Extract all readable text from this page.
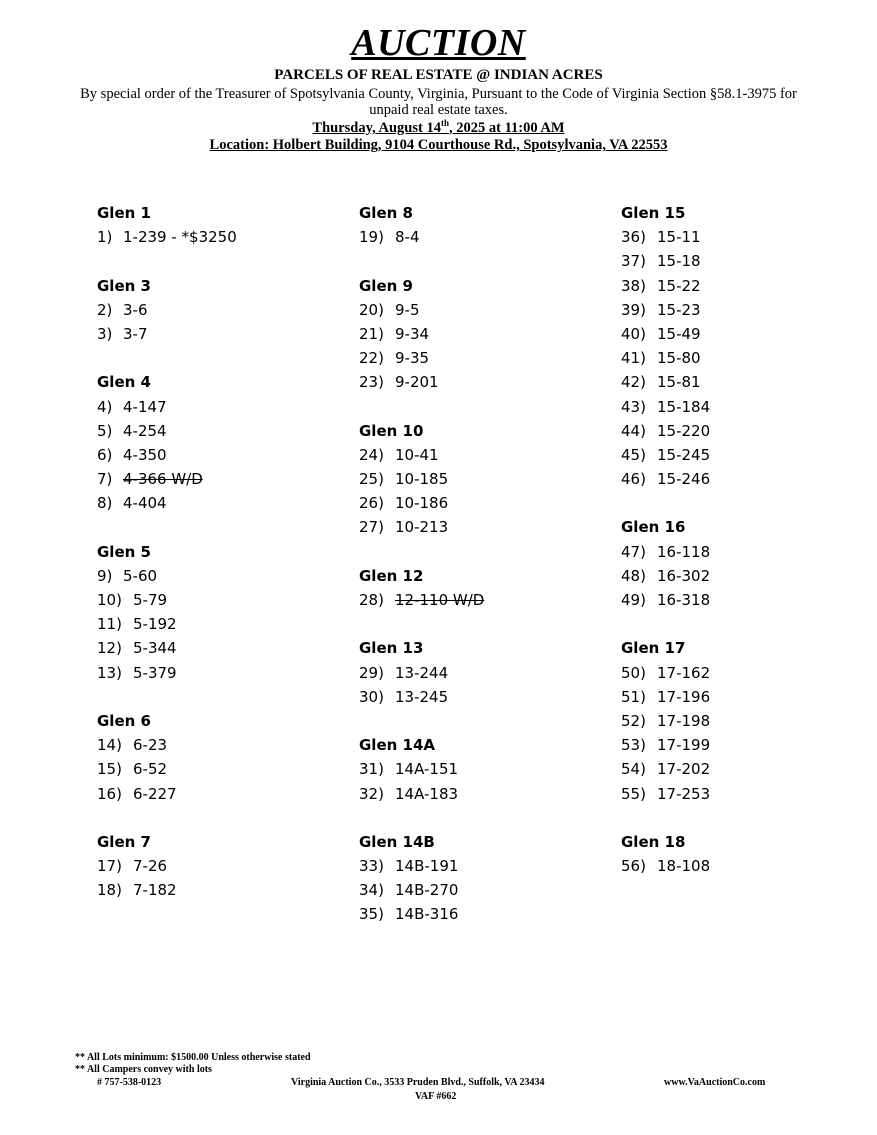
AUCTION
PARCELS OF REAL ESTATE @ INDIAN ACRES
By special order of the Treasurer of Spotsylvania County, Virginia, Pursuant to the Code of Virginia Section §58.1-3975 for unpaid real estate taxes.
Thursday, August 14th, 2025 at 11:00 AM
Location: Holbert Building, 9104 Courthouse Rd., Spotsylvania, VA 22553
Glen 1
1) 1-239 - *$3250
Glen 3
2) 3-6
3) 3-7
Glen 4
4) 4-147
5) 4-254
6) 4-350
7) 4-366 W/D
8) 4-404
Glen 5
9) 5-60
10) 5-79
11) 5-192
12) 5-344
13) 5-379
Glen 6
14) 6-23
15) 6-52
16) 6-227
Glen 7
17) 7-26
18) 7-182
Glen 8
19) 8-4
Glen 9
20) 9-5
21) 9-34
22) 9-35
23) 9-201
Glen 10
24) 10-41
25) 10-185
26) 10-186
27) 10-213
Glen 12
28) 12-110 W/D
Glen 13
29) 13-244
30) 13-245
Glen 14A
31) 14A-151
32) 14A-183
Glen 14B
33) 14B-191
34) 14B-270
35) 14B-316
Glen 15
36) 15-11
37) 15-18
38) 15-22
39) 15-23
40) 15-49
41) 15-80
42) 15-81
43) 15-184
44) 15-220
45) 15-245
46) 15-246
Glen 16
47) 16-118
48) 16-302
49) 16-318
Glen 17
50) 17-162
51) 17-196
52) 17-198
53) 17-199
54) 17-202
55) 17-253
Glen 18
56) 18-108
** All Lots minimum: $1500.00 Unless otherwise stated
** All Campers convey with lots
# 757-538-0123	Virginia Auction Co., 3533 Pruden Blvd., Suffolk, VA 23434	www.VaAuctionCo.com
VAF #662
